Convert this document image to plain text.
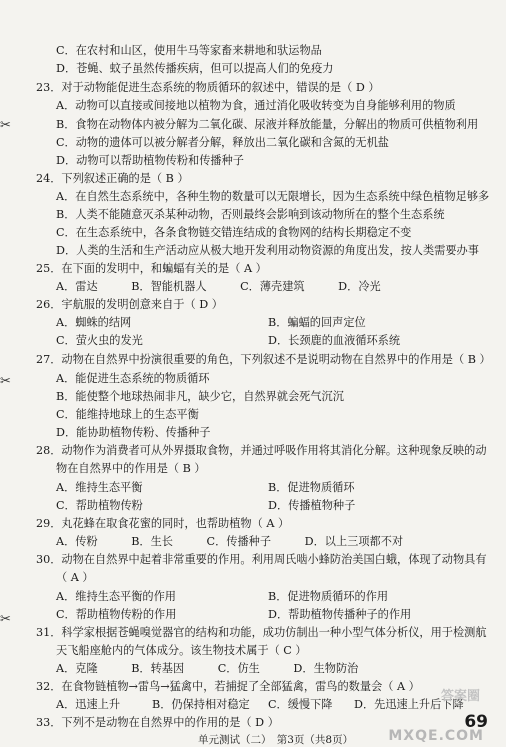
✂
✂
✂
C．在农村和山区，使用牛马等家畜来耕地和驮运物品
D．苍蝇、蚊子虽然传播疾病，但可以提高人们的免疫力
23．对于动物能促进生态系统的物质循环的叙述中，错误的是（ D ）
A．动物可以直接或间接地以植物为食，通过消化吸收转变为自身能够利用的物质
B．食物在动物体内被分解为二氧化碳、尿液并释放能量，分解出的物质可供植物利用
C．动物的遗体可以被分解者分解，释放出二氧化碳和含氮的无机盐
D．动物可以帮助植物传粉和传播种子
24．下列叙述正确的是（ B ）
A．在自然生态系统中，各种生物的数量可以无限增长，因为生态系统中绿色植物足够多
B．人类不能随意灭杀某种动物，否则最终会影响到该动物所在的整个生态系统
C．在生态系统中，各条食物链交错连结成的食物网的结构长期稳定不变
D．人类的生活和生产活动应从极大地开发利用动物资源的角度出发，按人类需要办事
25．在下面的发明中，和蝙蝠有关的是（ A ）
A．雷达　　　B．智能机器人　　　C．薄壳建筑　　　D．冷光
26．宇航服的发明创意来自于（ D ）
A．蜘蛛的结网	B．蝙蝠的回声定位
C．萤火虫的发光	D．长颈鹿的血液循环系统
27．动物在自然界中扮演很重要的角色，下列叙述不是说明动物在自然界中的作用是（ B ）
A．能促进生态系统的物质循环
B．能使整个地球热闹非凡，缺少它，自然界就会死气沉沉
C．能维持地球上的生态平衡
D．能协助植物传粉、传播种子
28．动物作为消费者可从外界摄取食物，并通过呼吸作用将其消化分解。这种现象反映的动
物在自然界中的作用是（ B ）
A．维持生态平衡	B．促进物质循环
C．帮助植物传粉	D．传播植物种子
29．丸花蜂在取食花蜜的同时，也帮助植物（ A ）
A．传粉　　　B．生长　　　C．传播种子　　　D．以上三项都不对
30．动物在自然界中起着非常重要的作用。利用周氏啮小蜂防治美国白蛾，体现了动物具有
（ A ）
A．维持生态平衡的作用	B．促进物质循环的作用
C．帮助植物传粉的作用	D．帮助植物传播种子的作用
31．科学家根据苍蝇嗅觉器官的结构和功能，成功仿制出一种小型气体分析仪，用于检测航
天飞船座舱内的气体成分。该生物技术属于（ C ）
A．克隆　　　B．转基因　　　C．仿生　　　D．生物防治
32．在食物链植物→雷鸟→猛禽中，若捕捉了全部猛禽，雷鸟的数量会（ A ）
A．迅速上升	B．仍保持相对稳定 C．缓慢下降 D．先迅速上升后下降
33．下列不是动物在自然界中的作用的是（ D ）
单元测试（二）　第3页（共8页）
69
答案圈
MXQE.COM
